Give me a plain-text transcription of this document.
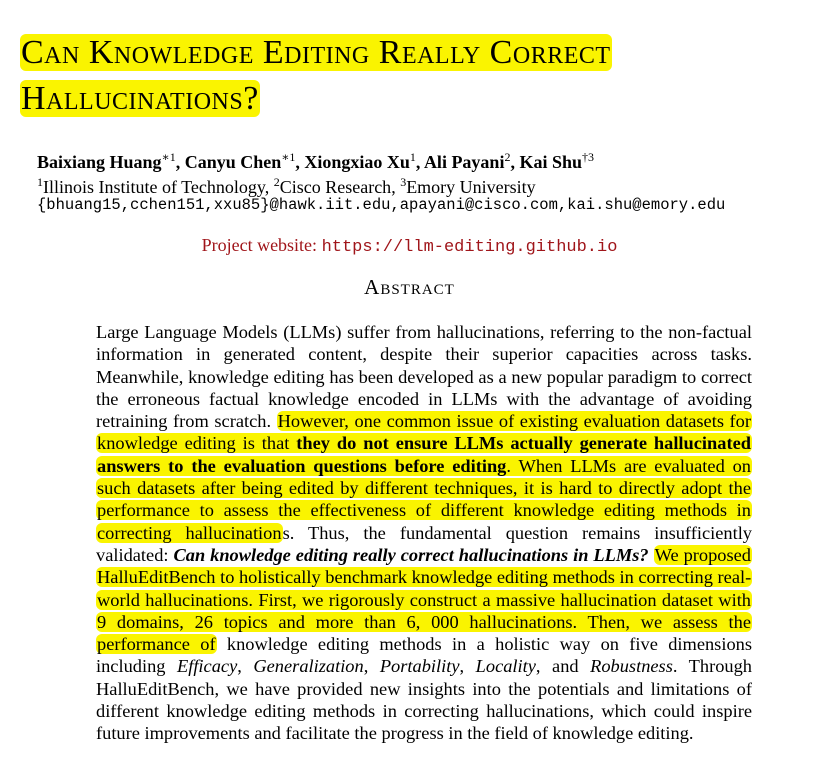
Can Knowledge Editing Really Correct
Hallucinations?
Baixiang Huang$^{∗1}$, Canyu Chen$^{∗1}$, Xiongxiao Xu$^1$, Ali Payani$^2$, Kai Shu$^{\dagger 3}$
$^1$Illinois Institute of Technology, $^2$Cisco Research, $^3$Emory University
{bhuang15,cchen151,xxu85}@hawk.iit.edu,apayani@cisco.com,kai.shu@emory.edu
Project website: https://llm-editing.github.io
Abstract

Large Language Models (LLMs) suffer from hallucinations, referring to the non-factual information in generated content, despite their superior capacities across tasks. Meanwhile, knowledge editing has been developed as a new popular paradigm to correct the erroneous factual knowledge encoded in LLMs with the advantage of avoiding retraining from scratch. However, one common issue of existing evaluation datasets for knowledge editing is that they do not ensure LLMs actually generate hallucinated answers to the evaluation questions before editing. When LLMs are evaluated on such datasets after being edited by different techniques, it is hard to directly adopt the performance to assess the effectiveness of different knowledge editing methods in correcting hallucinations. Thus, the fundamental question remains insufficiently validated: Can knowledge editing really correct hallucinations in LLMs? We proposed HalluEditBench to holistically benchmark knowledge editing methods in correcting real-world hallucinations. First, we rigorously construct a massive hallucination dataset with 9 domains, 26 topics and more than 6, 000 hallucinations. Then, we assess the performance of knowledge editing methods in a holistic way on five dimensions including Efficacy, Generalization, Portability, Locality, and Robustness. Through HalluEditBench, we have provided new insights into the potentials and limitations of different knowledge editing methods in correcting hallucinations, which could inspire future improvements and facilitate the progress in the field of knowledge editing.
